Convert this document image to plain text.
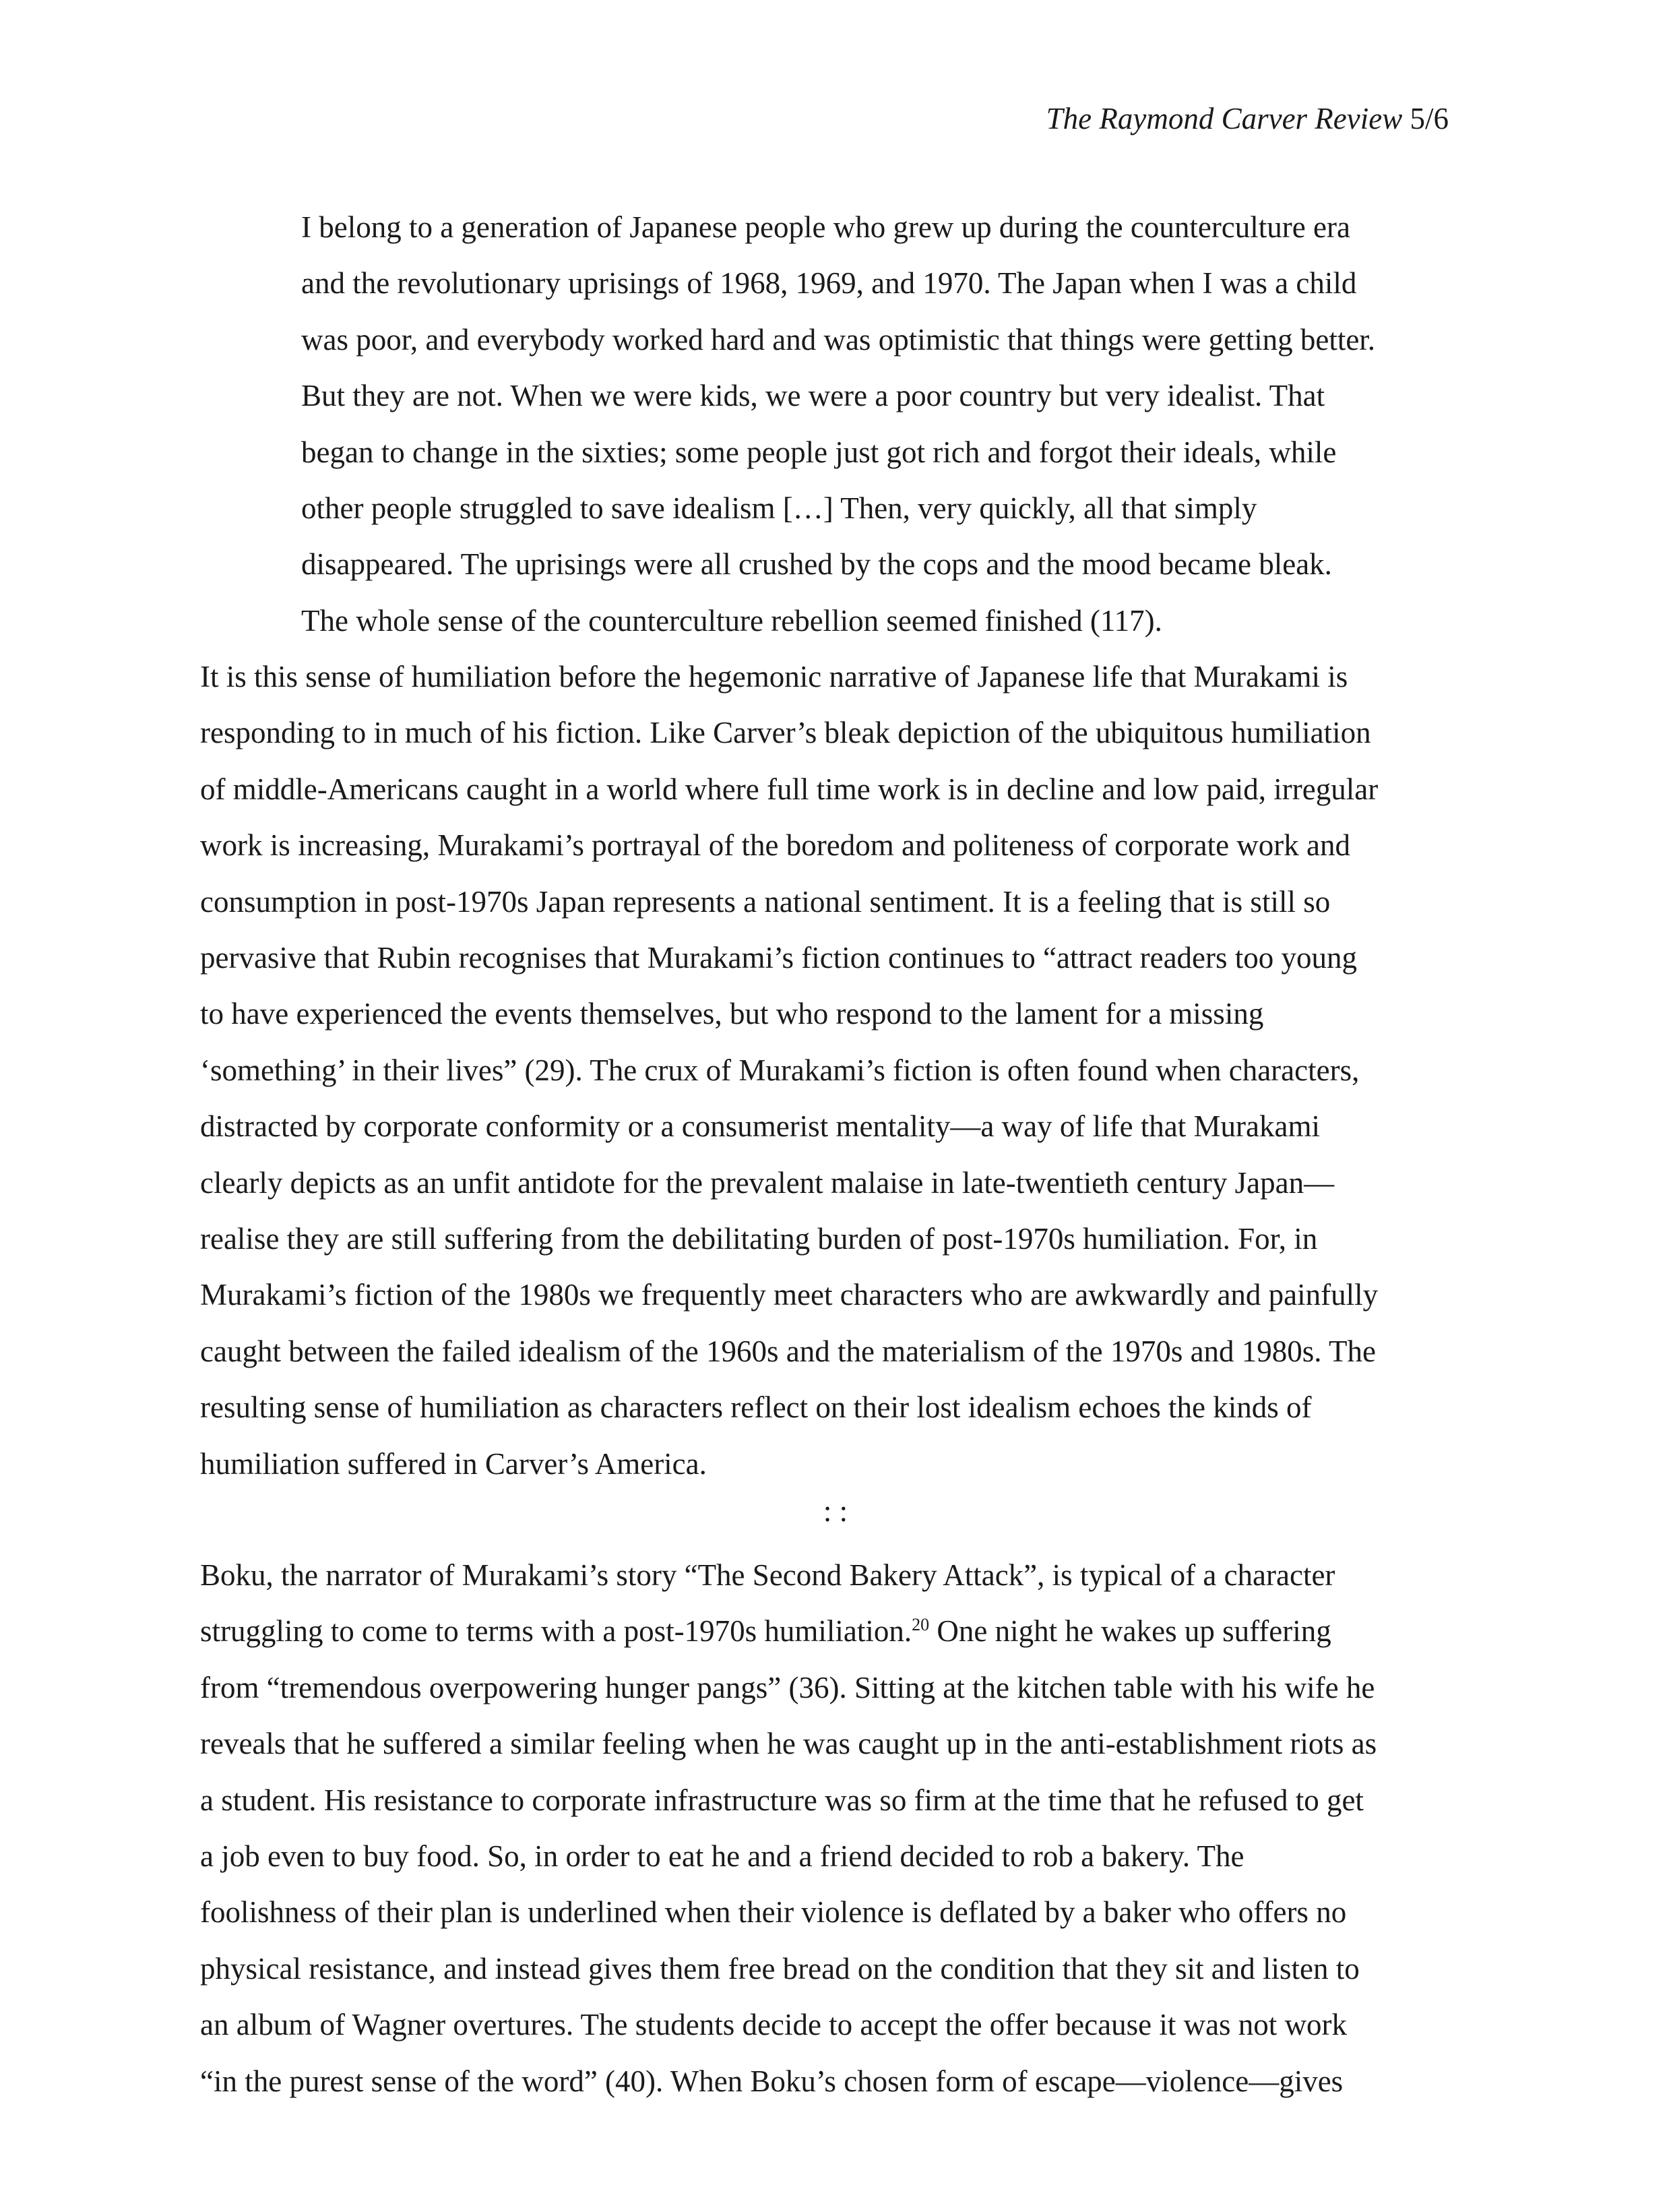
The Raymond Carver Review 5/6
I belong to a generation of Japanese people who grew up during the counterculture era
and the revolutionary uprisings of 1968, 1969, and 1970. The Japan when I was a child
was poor, and everybody worked hard and was optimistic that things were getting better.
But they are not. When we were kids, we were a poor country but very idealist. That
began to change in the sixties; some people just got rich and forgot their ideals, while
other people struggled to save idealism […] Then, very quickly, all that simply
disappeared. The uprisings were all crushed by the cops and the mood became bleak.
The whole sense of the counterculture rebellion seemed finished (117).
It is this sense of humiliation before the hegemonic narrative of Japanese life that Murakami is
responding to in much of his fiction. Like Carver’s bleak depiction of the ubiquitous humiliation
of middle-Americans caught in a world where full time work is in decline and low paid, irregular
work is increasing, Murakami’s portrayal of the boredom and politeness of corporate work and
consumption in post-1970s Japan represents a national sentiment. It is a feeling that is still so
pervasive that Rubin recognises that Murakami’s fiction continues to “attract readers too young
to have experienced the events themselves, but who respond to the lament for a missing
‘something’ in their lives” (29). The crux of Murakami’s fiction is often found when characters,
distracted by corporate conformity or a consumerist mentality—a way of life that Murakami
clearly depicts as an unfit antidote for the prevalent malaise in late-twentieth century Japan—
realise they are still suffering from the debilitating burden of post-1970s humiliation. For, in
Murakami’s fiction of the 1980s we frequently meet characters who are awkwardly and painfully
caught between the failed idealism of the 1960s and the materialism of the 1970s and 1980s. The
resulting sense of humiliation as characters reflect on their lost idealism echoes the kinds of
humiliation suffered in Carver’s America.
: :
Boku, the narrator of Murakami’s story “The Second Bakery Attack”, is typical of a character
struggling to come to terms with a post-1970s humiliation.$^{20}$ One night he wakes up suffering
from “tremendous overpowering hunger pangs” (36). Sitting at the kitchen table with his wife he
reveals that he suffered a similar feeling when he was caught up in the anti-establishment riots as
a student. His resistance to corporate infrastructure was so firm at the time that he refused to get
a job even to buy food. So, in order to eat he and a friend decided to rob a bakery. The
foolishness of their plan is underlined when their violence is deflated by a baker who offers no
physical resistance, and instead gives them free bread on the condition that they sit and listen to
an album of Wagner overtures. The students decide to accept the offer because it was not work
“in the purest sense of the word” (40). When Boku’s chosen form of escape—violence—gives
